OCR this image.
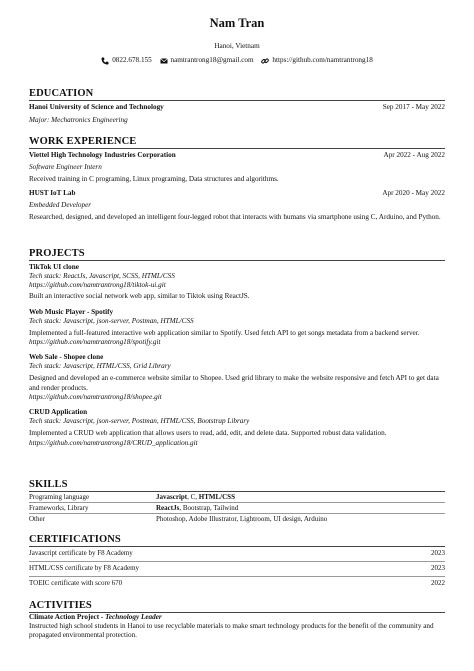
Nam Tran
Hanoi, Vietnam
0822.678.155
	namtrantrong18@gmail.com
	https://github.com/namtrantrong18
EDUCATION
Hanoi University of Science and Technology	Sep 2017 - May 2022
Major: Mechatronics Engineering
WORK EXPERIENCE
Viettel High Technology Industries Corporation	Apr 2022 - Aug 2022
Software Engineer Intern
Received training in C programing, Linux programing, Data structures and algorithms.
HUST IoT Lab	Apr 2020 - May 2022
Embedded Developer
Researched, designed, and developed an intelligent four-legged robot that interacts with humans via smartphone using C, Arduino, and Python.
PROJECTS
TikTok UI clone
Tech stack: ReactJs, Javascript, SCSS, HTML/CSS
https://github.com/namtrantrong18/tiktok-ui.git
Built an interactive social network web app, similar to Tiktok using ReactJS.
Web Music Player - Spotify
Tech stack: Javascript, json-server, Postman, HTML/CSS
Implemented a full-featured interactive web application similar to Spotify. Used fetch API to get songs metadata from a backend server.
https://github.com/namtrantrong18/spotify.git
Web Sale - Shopee clone
Tech stack: Javascript, HTML/CSS, Grid Library
Designed and developed an e-commerce website similar to Shopee. Used grid library to make the website responsive and fetch API to get data and render products.
https://github.com/namtrantrong18/shopee.git
CRUD Application
Tech stack: Javascript, json-server, Postman, HTML/CSS, Bootstrap Library
Implemented a CRUD web application that allows users to read, add, edit, and delete data. Supported robust data validation.
https://github.com/namtrantrong18/CRUD_application.git
SKILLS
Programing language	Javascript, C, HTML/CSS
Frameworks, Library	ReactJs, Bootstrap, Tailwind
Other	Photoshop, Adobe Illustrator, Lightroom, UI design, Arduino
CERTIFICATIONS
Javascript certificate by F8 Academy	2023
HTML/CSS certificate by F8 Academy	2023
TOEIC certificate with score 670	2022
ACTIVITIES
Climate Action Project - Technology Leader
Instructed high school students in Hanoi to use recyclable materials to make smart technology products for the benefit of the community and propagated environmental protection.
